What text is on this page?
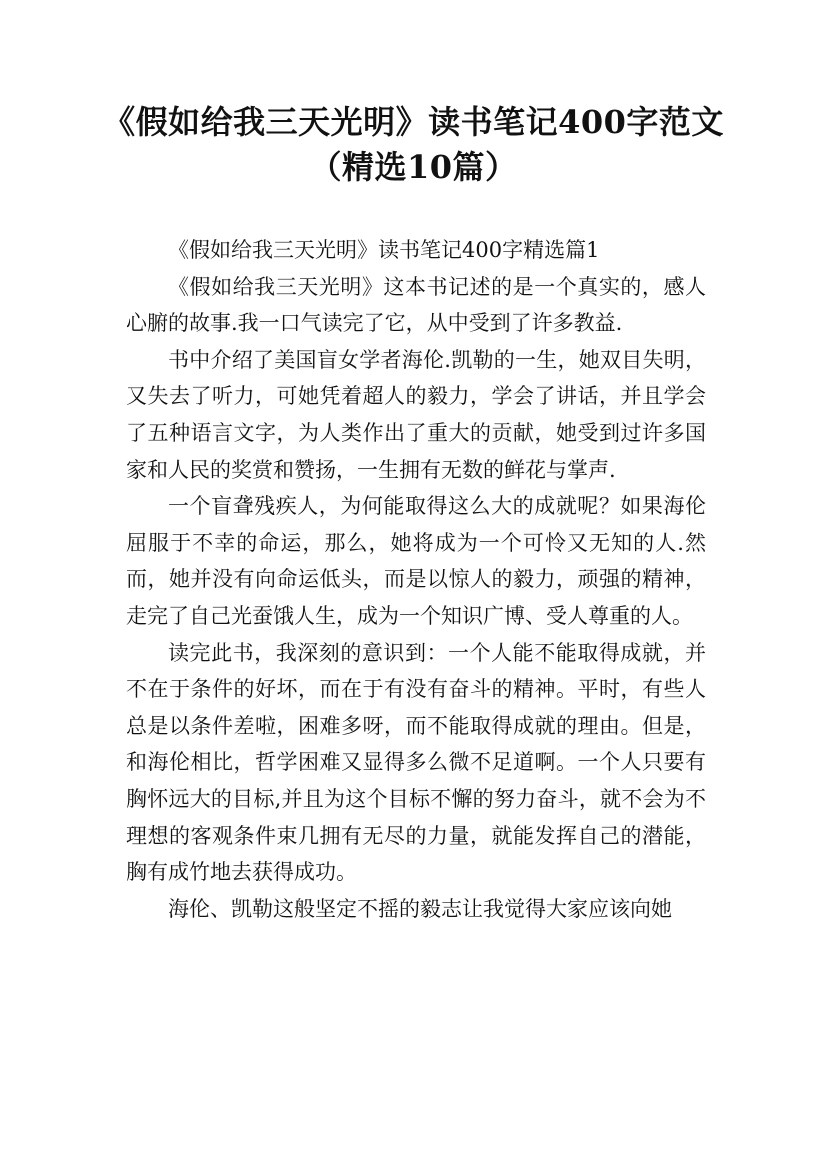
《假如给我三天光明》读书笔记400字范文
（精选10篇）

《假如给我三天光明》读书笔记400字精选篇1

《假如给我三天光明》这本书记述的是一个真实的，感人心腑的故事.我一口气读完了它，从中受到了许多教益.

书中介绍了美国盲女学者海伦.凯勒的一生，她双目失明，又失去了听力，可她凭着超人的毅力，学会了讲话，并且学会了五种语言文字，为人类作出了重大的贡献，她受到过许多国家和人民的奖赏和赞扬，一生拥有无数的鲜花与掌声.

一个盲聋残疾人，为何能取得这么大的成就呢？如果海伦屈服于不幸的命运，那么，她将成为一个可怜又无知的人.然而，她并没有向命运低头，而是以惊人的毅力，顽强的精神，走完了自己光蚕饿人生，成为一个知识广博、受人尊重的人。

读完此书，我深刻的意识到：一个人能不能取得成就，并不在于条件的好坏，而在于有没有奋斗的精神。平时，有些人总是以条件差啦，困难多呀，而不能取得成就的理由。但是，和海伦相比，哲学困难又显得多么微不足道啊。一个人只要有胸怀远大的目标,并且为这个目标不懈的努力奋斗，就不会为不理想的客观条件束几拥有无尽的力量，就能发挥自己的潜能，胸有成竹地去获得成功。

海伦、凯勒这般坚定不摇的毅志让我觉得大家应该向她
